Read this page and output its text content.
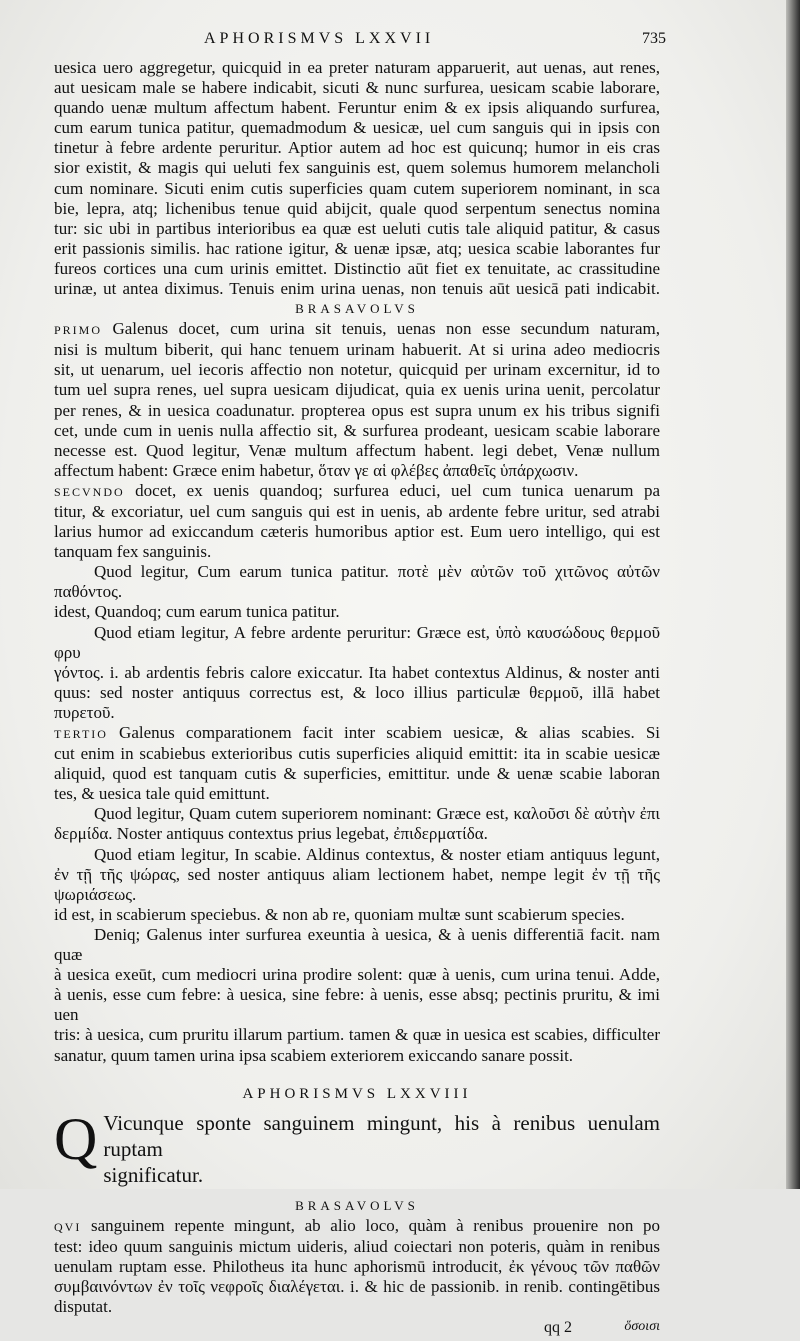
APHORISMVS LXXVII	735

uesica uero aggregetur, quicquid in ea preter naturam apparuerit, aut uenas, aut renes,

aut uesicam male se habere indicabit, sicuti & nunc surfurea, uesicam scabie laborare,

quando uenæ multum affectum habent. Feruntur enim & ex ipsis aliquando surfurea,

cum earum tunica patitur, quemadmodum & uesicæ, uel cum sanguis qui in ipsis con

tinetur à febre ardente peruritur. Aptior autem ad hoc est quicunq; humor in eis cras

sior existit, & magis qui ueluti fex sanguinis est, quem solemus humorem melancholi

cum nominare. Sicuti enim cutis superficies quam cutem superiorem nominant, in sca

bie, lepra, atq; lichenibus tenue quid abijcit, quale quod serpentum senectus nomina

tur: sic ubi in partibus interioribus ea quæ est ueluti cutis tale aliquid patitur, & casus

erit passionis similis. hac ratione igitur, & uenæ ipsæ, atq; uesica scabie laborantes fur

fureos cortices una cum urinis emittet. Distinctio aūt fiet ex tenuitate, ac crassitudine

urinæ, ut antea diximus. Tenuis enim urina uenas, non tenuis aūt uesicā pati indicabit.

BRASAVOLVS

PRIMO Galenus docet, cum urina sit tenuis, uenas non esse secundum naturam,

nisi is multum biberit, qui hanc tenuem urinam habuerit. At si urina adeo mediocris

sit, ut uenarum, uel iecoris affectio non notetur, quicquid per urinam excernitur, id to

tum uel supra renes, uel supra uesicam dijudicat, quia ex uenis urina uenit, percolatur

per renes, & in uesica coadunatur. propterea opus est supra unum ex his tribus signifi

cet, unde cum in uenis nulla affectio sit, & surfurea prodeant, uesicam scabie laborare

necesse est. Quod legitur, Venæ multum affectum habent. legi debet, Venæ nullum

affectum habent: Græce enim habetur, ὅταν γε αἱ φλέβες ἀπαθεῖς ὑπάρχωσιν.

SECVNDO docet, ex uenis quandoq; surfurea educi, uel cum tunica uenarum pa

titur, & excoriatur, uel cum sanguis qui est in uenis, ab ardente febre uritur, sed atrabi

larius humor ad exiccandum cæteris humoribus aptior est. Eum uero intelligo, qui est

tanquam fex sanguinis.

Quod legitur, Cum earum tunica patitur. ποτὲ μὲν αὐτῶν τοῦ χιτῶνος αὐτῶν παθόντος.

idest, Quandoq; cum earum tunica patitur.

Quod etiam legitur, A febre ardente peruritur: Græce est, ὑπὸ καυσώδους θερμοῦ φρυ

γόντος. i. ab ardentis febris calore exiccatur. Ita habet contextus Aldinus, & noster anti

quus: sed noster antiquus correctus est, & loco illius particulæ θερμοῦ, illā habet πυρετοῦ.

TERTIO Galenus comparationem facit inter scabiem uesicæ, & alias scabies. Si

cut enim in scabiebus exterioribus cutis superficies aliquid emittit: ita in scabie uesicæ

aliquid, quod est tanquam cutis & superficies, emittitur. unde & uenæ scabie laboran

tes, & uesica tale quid emittunt.

Quod legitur, Quam cutem superiorem nominant: Græce est, καλοῦσι δὲ αὐτὴν ἐπι

δερμίδα. Noster antiquus contextus prius legebat, ἐπιδερματίδα.

Quod etiam legitur, In scabie. Aldinus contextus, & noster etiam antiquus legunt,

ἐν τῇ τῆς ψώρας, sed noster antiquus aliam lectionem habet, nempe legit ἐν τῇ τῆς ψωριάσεως.

id est, in scabierum speciebus. & non ab re, quoniam multæ sunt scabierum species.

Deniq; Galenus inter surfurea exeuntia à uesica, & à uenis differentiā facit. nam quæ

à uesica exeūt, cum mediocri urina prodire solent: quæ à uenis, cum urina tenui. Adde,

à uenis, esse cum febre: à uesica, sine febre: à uenis, esse absq; pectinis pruritu, & imi uen

tris: à uesica, cum pruritu illarum partium. tamen & quæ in uesica est scabies, difficulter

sanatur, quum tamen urina ipsa scabiem exteriorem exiccando sanare possit.

APHORISMVS LXXVIII

Q Vicunque sponte sanguinem mingunt, his à renibus uenulam ruptam

significatur.

BRASAVOLVS

QVI sanguinem repente mingunt, ab alio loco, quàm à renibus prouenire non po

test: ideo quum sanguinis mictum uideris, aliud coiectari non poteris, quàm in renibus

uenulam ruptam esse. Philotheus ita hunc aphorismū introducit, ἐκ γένους τῶν παθῶν

συμβαινόντων ἐν τοῖς νεφροῖς διαλέγεται. i. & hic de passionib. in renib. contingētibus disputat.

qq 2	ὅσοισι
